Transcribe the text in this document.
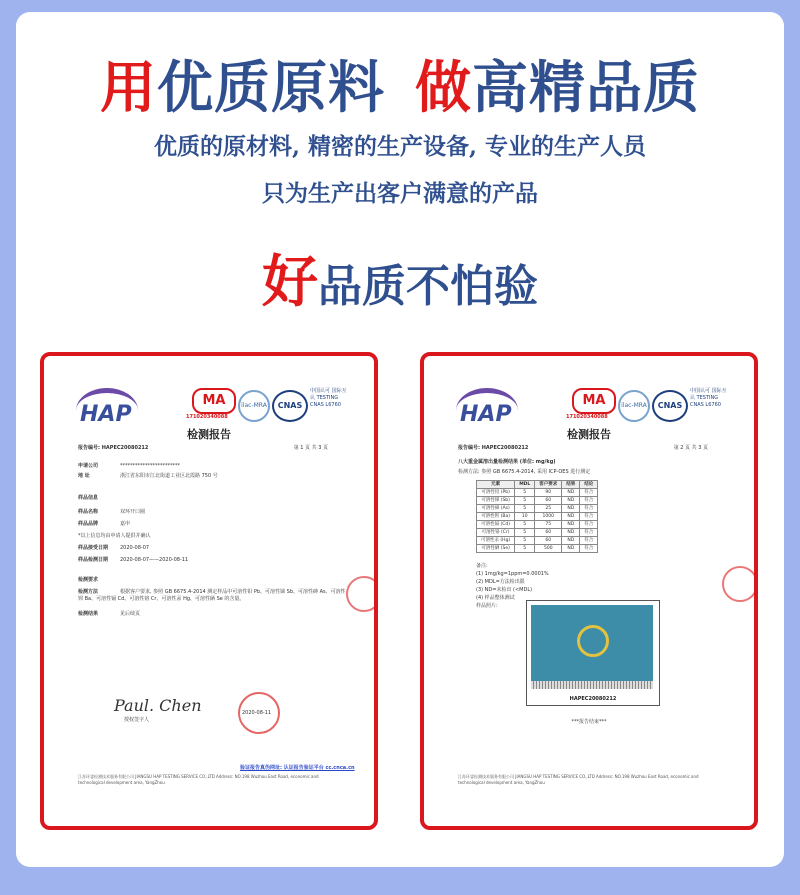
用优质原料 做高精品质
优质的原材料, 精密的生产设备, 专业的生产人员
只为生产出客户满意的产品
好品质不怕验
HAP
MA
171020340088
ilac-MRA	CNAS
中国认可 国际互认 TESTING CNAS L6760
检测报告
报告编号: HAPEC20080212	第 1 页 共 3 页
申请公司	************************
地 址	浙江省东阳市江北街道工业区北霞路 750 号
样品信息
样品名称	双环开口圈
样品品牌	嘉申
*以上信息均由申请人提供并确认
样品接受日期 2020-08-07
样品检测日期 2020-08-07——2020-08-11
检测要求
检测方法	根据客户要求, 参照 GB 6675.4-2014 测定样品中可溶性铅 Pb、可溶性锑 Sb、可溶性砷 As、可溶性钡 Ba、可溶性镉 Cd、可溶性铬 Cr、可溶性汞 Hg、可溶性硒 Se 的含量。
检测结果	见后续页
Paul. Chen
授权签字人
2020-08-11
验证报告真伪网址: 认证报告验证平台 cc.cnca.cn
江苏环睿检测技术服务有限公司 JIANGSU HAP TESTING SERVICE CO.,LTD Address: NO.198 Wuzhou East Road, economic and technological development area, YangZhou
HAP
MA
171020340088
ilac-MRA	CNAS
中国认可 国际互认 TESTING CNAS L6760
检测报告
报告编号: HAPEC20080212	第 2 页 共 3 页
八大重金属溶出量检测结果 (单位: mg/kg)
检测方法: 参照 GB 6675.4-2014, 采用 ICP-OES 进行测定
元素	MDL	客户要求	结果	结论
可溶性铅 (Pb)	5	90	ND	符合
可溶性锑 (Sb)	5	60	ND	符合
可溶性砷 (As)	5	25	ND	符合
可溶性钡 (Ba)	10	1000	ND	符合
可溶性镉 (Cd)	5	75	ND	符合
可溶性铬 (Cr)	5	60	ND	符合
可溶性汞 (Hg)	5	60	ND	符合
可溶性硒 (Se)	5	500	ND	符合
备注:
(1) 1mg/kg=1ppm=0.0001%
(2) MDL=方法检出限
(3) ND=未检出 (<MDL)
(4) 样品整体测试
样品照片:
HAPEC20080212
***报告结束***
江苏环睿检测技术服务有限公司 JIANGSU HAP TESTING SERVICE CO.,LTD Address: NO.198 Wuzhou East Road, economic and technological development area, YangZhou
